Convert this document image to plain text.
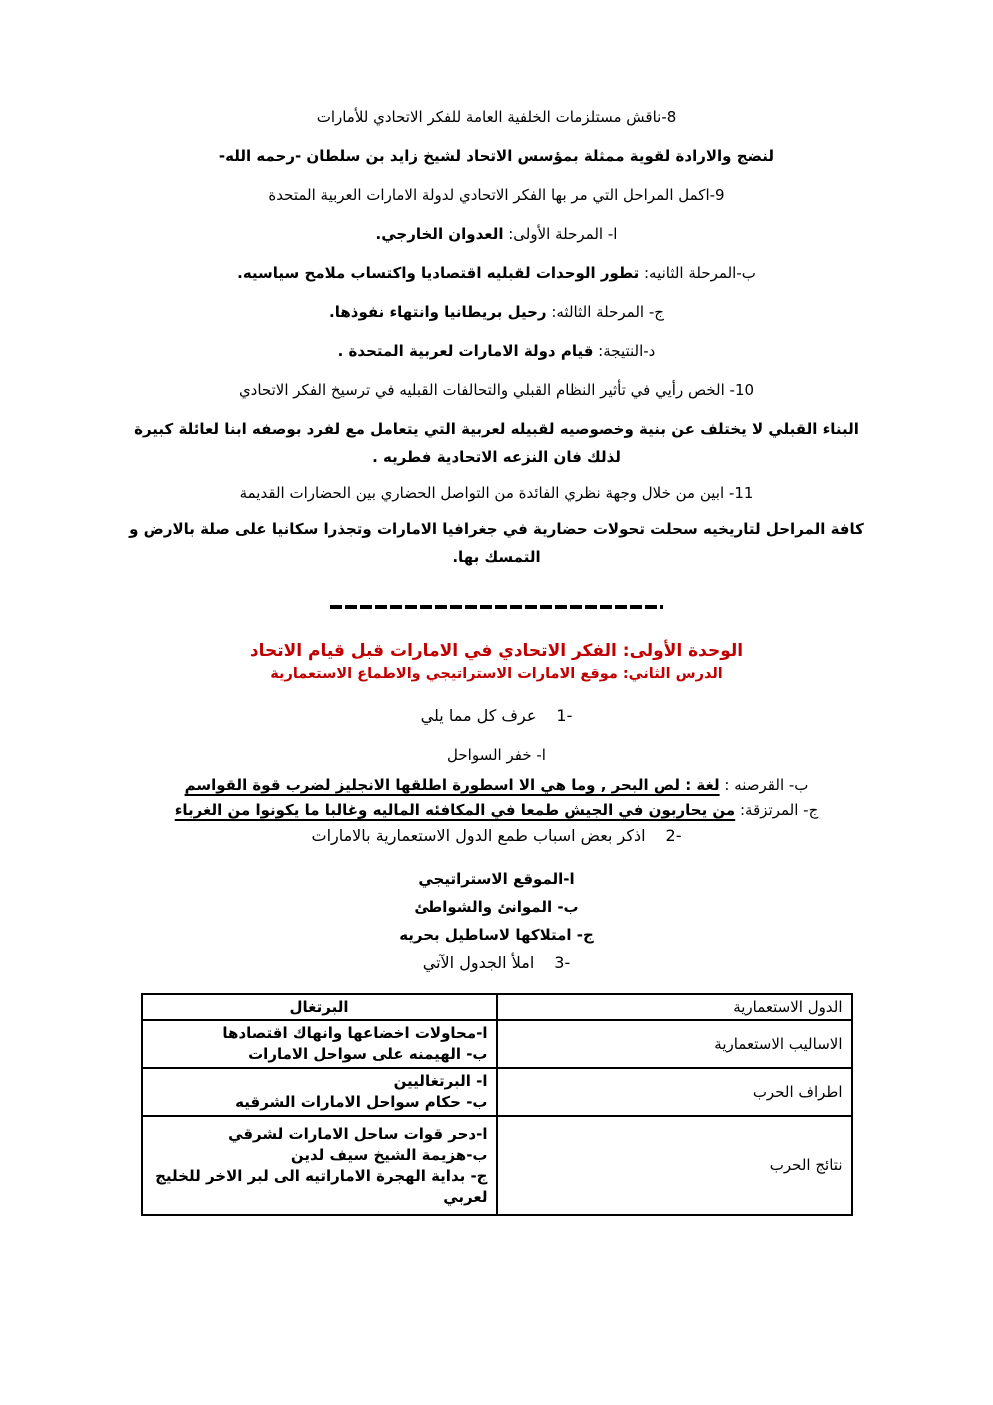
8-ناقش مستلزمات الخلفية العامة للفكر الاتحادي للأمارات
لنضج والارادة لقوية ممثلة بمؤسس الاتحاد لشيخ زايد بن سلطان -رحمه الله-
9-اكمل المراحل التي مر بها الفكر الاتحادي لدولة الامارات العربية المتحدة
ا- المرحلة الأولى: العدوان الخارجي.
ب-المرحلة الثانيه: تطور الوحدات لقبليه اقتصاديا واكتساب ملامح سياسيه.
ج- المرحلة الثالثه: رحيل بريطانيا وانتهاء نفوذها.
د-النتيجة: قيام دولة الامارات لعربية المتحدة .
10- الخص رأيي في تأثير النظام القبلي والتحالفات القبليه في ترسيخ الفكر الاتحادي
البناء القبلي لا يختلف عن بنية وخصوصيه لقبيله لعربية التي يتعامل مع لفرد بوصفه ابنا لعائلة كبيرة
لذلك فان النزعه الاتحادية فطريه .
11- ابين من خلال وجهة نظري الفائدة من التواصل الحضاري بين الحضارات القديمة
كافة المراحل لتاريخيه سحلت تحولات حضارية في جغرافيا الامارات وتجذرا سكانيا على صلة بالارض و
التمسك بها.
الوحدة الأولى: الفكر الاتحادي في الامارات قبل قيام الاتحاد
الدرس الثاني: موقع الامارات الاستراتيجي والاطماع الاستعمارية
1-عرف كل مما يلي
ا- خفر السواحل
ب- القرصنه : لغة : لص البحر , وما هي الا اسطورة اطلقها الانجليز لضرب قوة القواسم
ج- المرتزقة: من يحاربون في الجيش طمعا في المكافئه الماليه وغالبا ما يكونوا من الغرباء
2-اذكر بعض اسباب طمع الدول الاستعمارية بالامارات
ا-الموقع الاستراتيجي
ب- الموانئ والشواطئ
ج- امتلاكها لاساطيل بحريه
3-املأ الجدول الآتي
الدول الاستعمارية	البرتغال

الاساليب الاستعمارية	ا-محاولات اخضاعها وانهاك اقتصادها
ب- الهيمنه على سواحل الامارات

اطراف الحرب	ا- البرتغاليين
ب- حكام سواحل الامارات الشرقيه

نتائج الحرب	ا-دحر قوات ساحل الامارات لشرقي
ب-هزيمة الشيخ سيف لدين
ج- بداية الهجرة الاماراتيه الى لبر الاخر للخليج لعربي
